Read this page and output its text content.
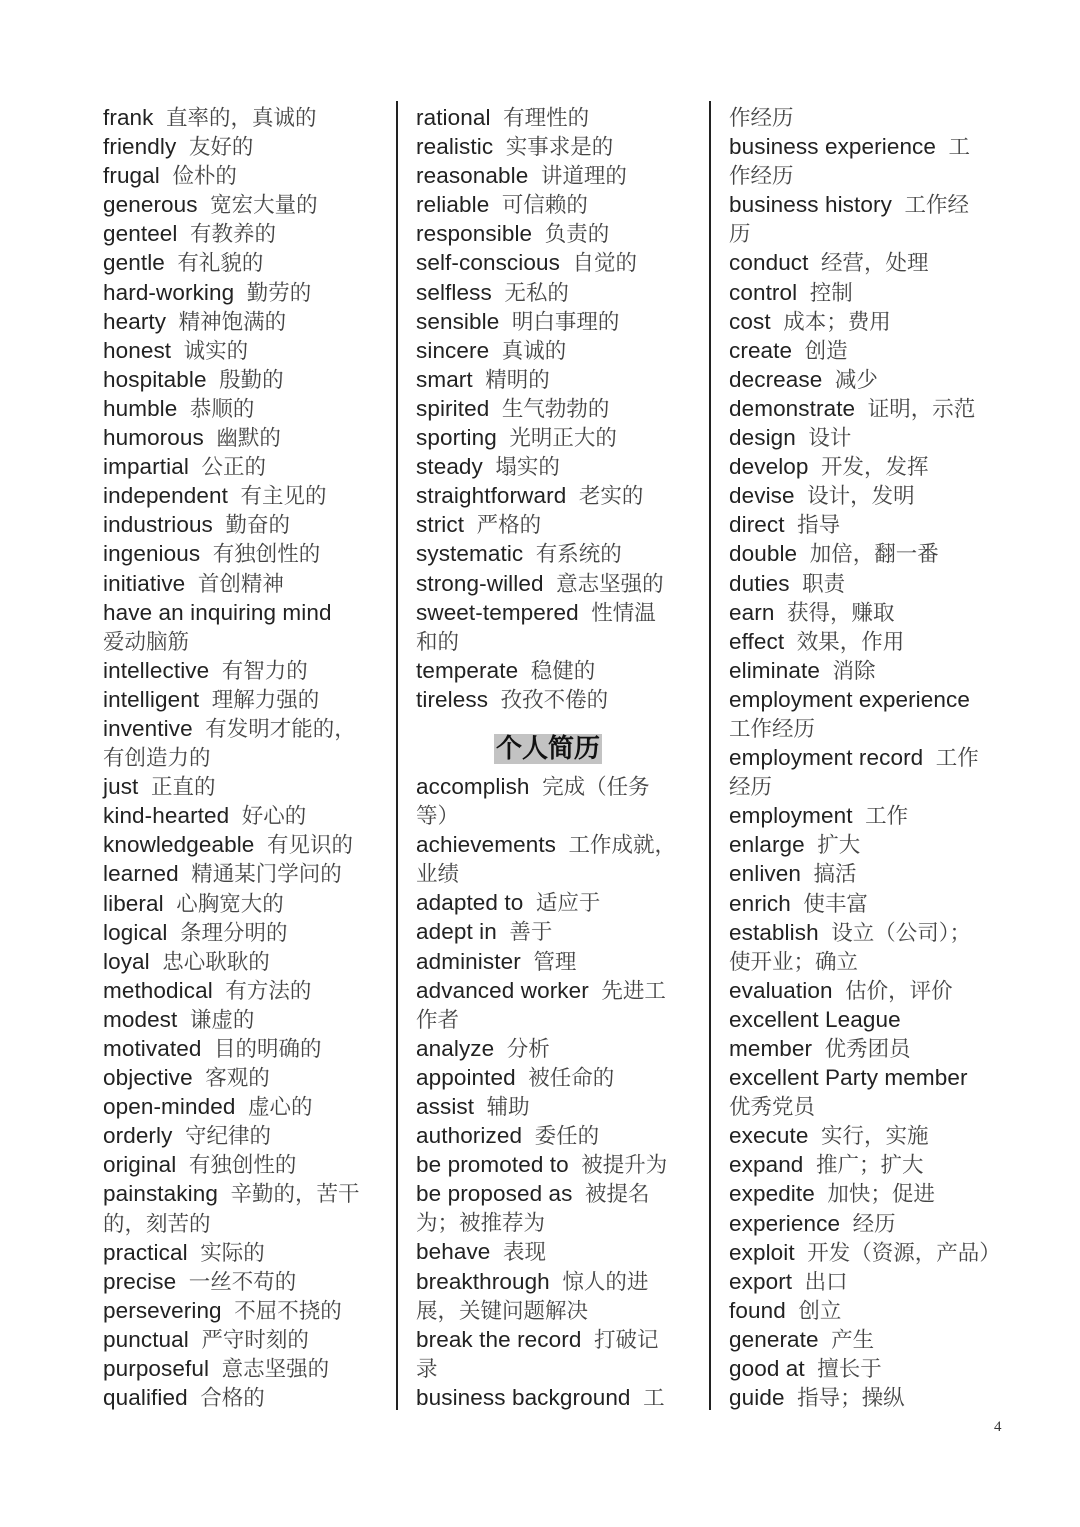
frank 直率的，真诚的
friendly 友好的
frugal 俭朴的
generous 宽宏大量的
genteel 有教养的
gentle 有礼貌的
hard-working 勤劳的
hearty 精神饱满的
honest 诚实的
hospitable 殷勤的
humble 恭顺的
humorous 幽默的
impartial 公正的
independent 有主见的
industrious 勤奋的
ingenious 有独创性的
initiative 首创精神
have an inquiring mind
爱动脑筋
intellective 有智力的
intelligent 理解力强的
inventive 有发明才能的，
有创造力的
just 正直的
kind-hearted 好心的
knowledgeable 有见识的
learned 精通某门学问的
liberal 心胸宽大的
logical 条理分明的
loyal 忠心耿耿的
methodical 有方法的
modest 谦虚的
motivated 目的明确的
objective 客观的
open-minded 虚心的
orderly 守纪律的
original 有独创性的
painstaking 辛勤的，苦干
的，刻苦的
practical 实际的
precise 一丝不苟的
persevering 不屈不挠的
punctual 严守时刻的
purposeful 意志坚强的
qualified 合格的
rational 有理性的
realistic 实事求是的
reasonable 讲道理的
reliable 可信赖的
responsible 负责的
self-conscious 自觉的
selfless 无私的
sensible 明白事理的
sincere 真诚的
smart 精明的
spirited 生气勃勃的
sporting 光明正大的
steady 塌实的
straightforward 老实的
strict 严格的
systematic 有系统的
strong-willed 意志坚强的
sweet-tempered 性情温
和的
temperate 稳健的
tireless 孜孜不倦的
个人简历
accomplish 完成（任务
等）
achievements 工作成就，
业绩
adapted to 适应于
adept in 善于
administer 管理
advanced worker 先进工
作者
analyze 分析
appointed 被任命的
assist 辅助
authorized 委任的
be promoted to 被提升为
be proposed as 被提名
为；被推荐为
behave 表现
breakthrough 惊人的进
展，关键问题解决
break the record 打破记
录
business background 工
作经历
business experience 工
作经历
business history 工作经
历
conduct 经营，处理
control 控制
cost 成本；费用
create 创造
decrease 减少
demonstrate 证明，示范
design 设计
develop 开发，发挥
devise 设计，发明
direct 指导
double 加倍，翻一番
duties  职责
earn 获得，赚取
effect 效果，作用
eliminate 消除
employment experience
工作经历
employment record 工作
经历
employment 工作
enlarge 扩大
enliven 搞活
enrich 使丰富
establish 设立（公司）；
使开业；确立
evaluation 估价，评价
excellent League
member 优秀团员
excellent Party member
优秀党员
execute 实行，实施
expand 推广；扩大
expedite 加快；促进
experience 经历
exploit 开发（资源，产品）
export 出口
found 创立
generate 产生
good at 擅长于
guide 指导；操纵
4
